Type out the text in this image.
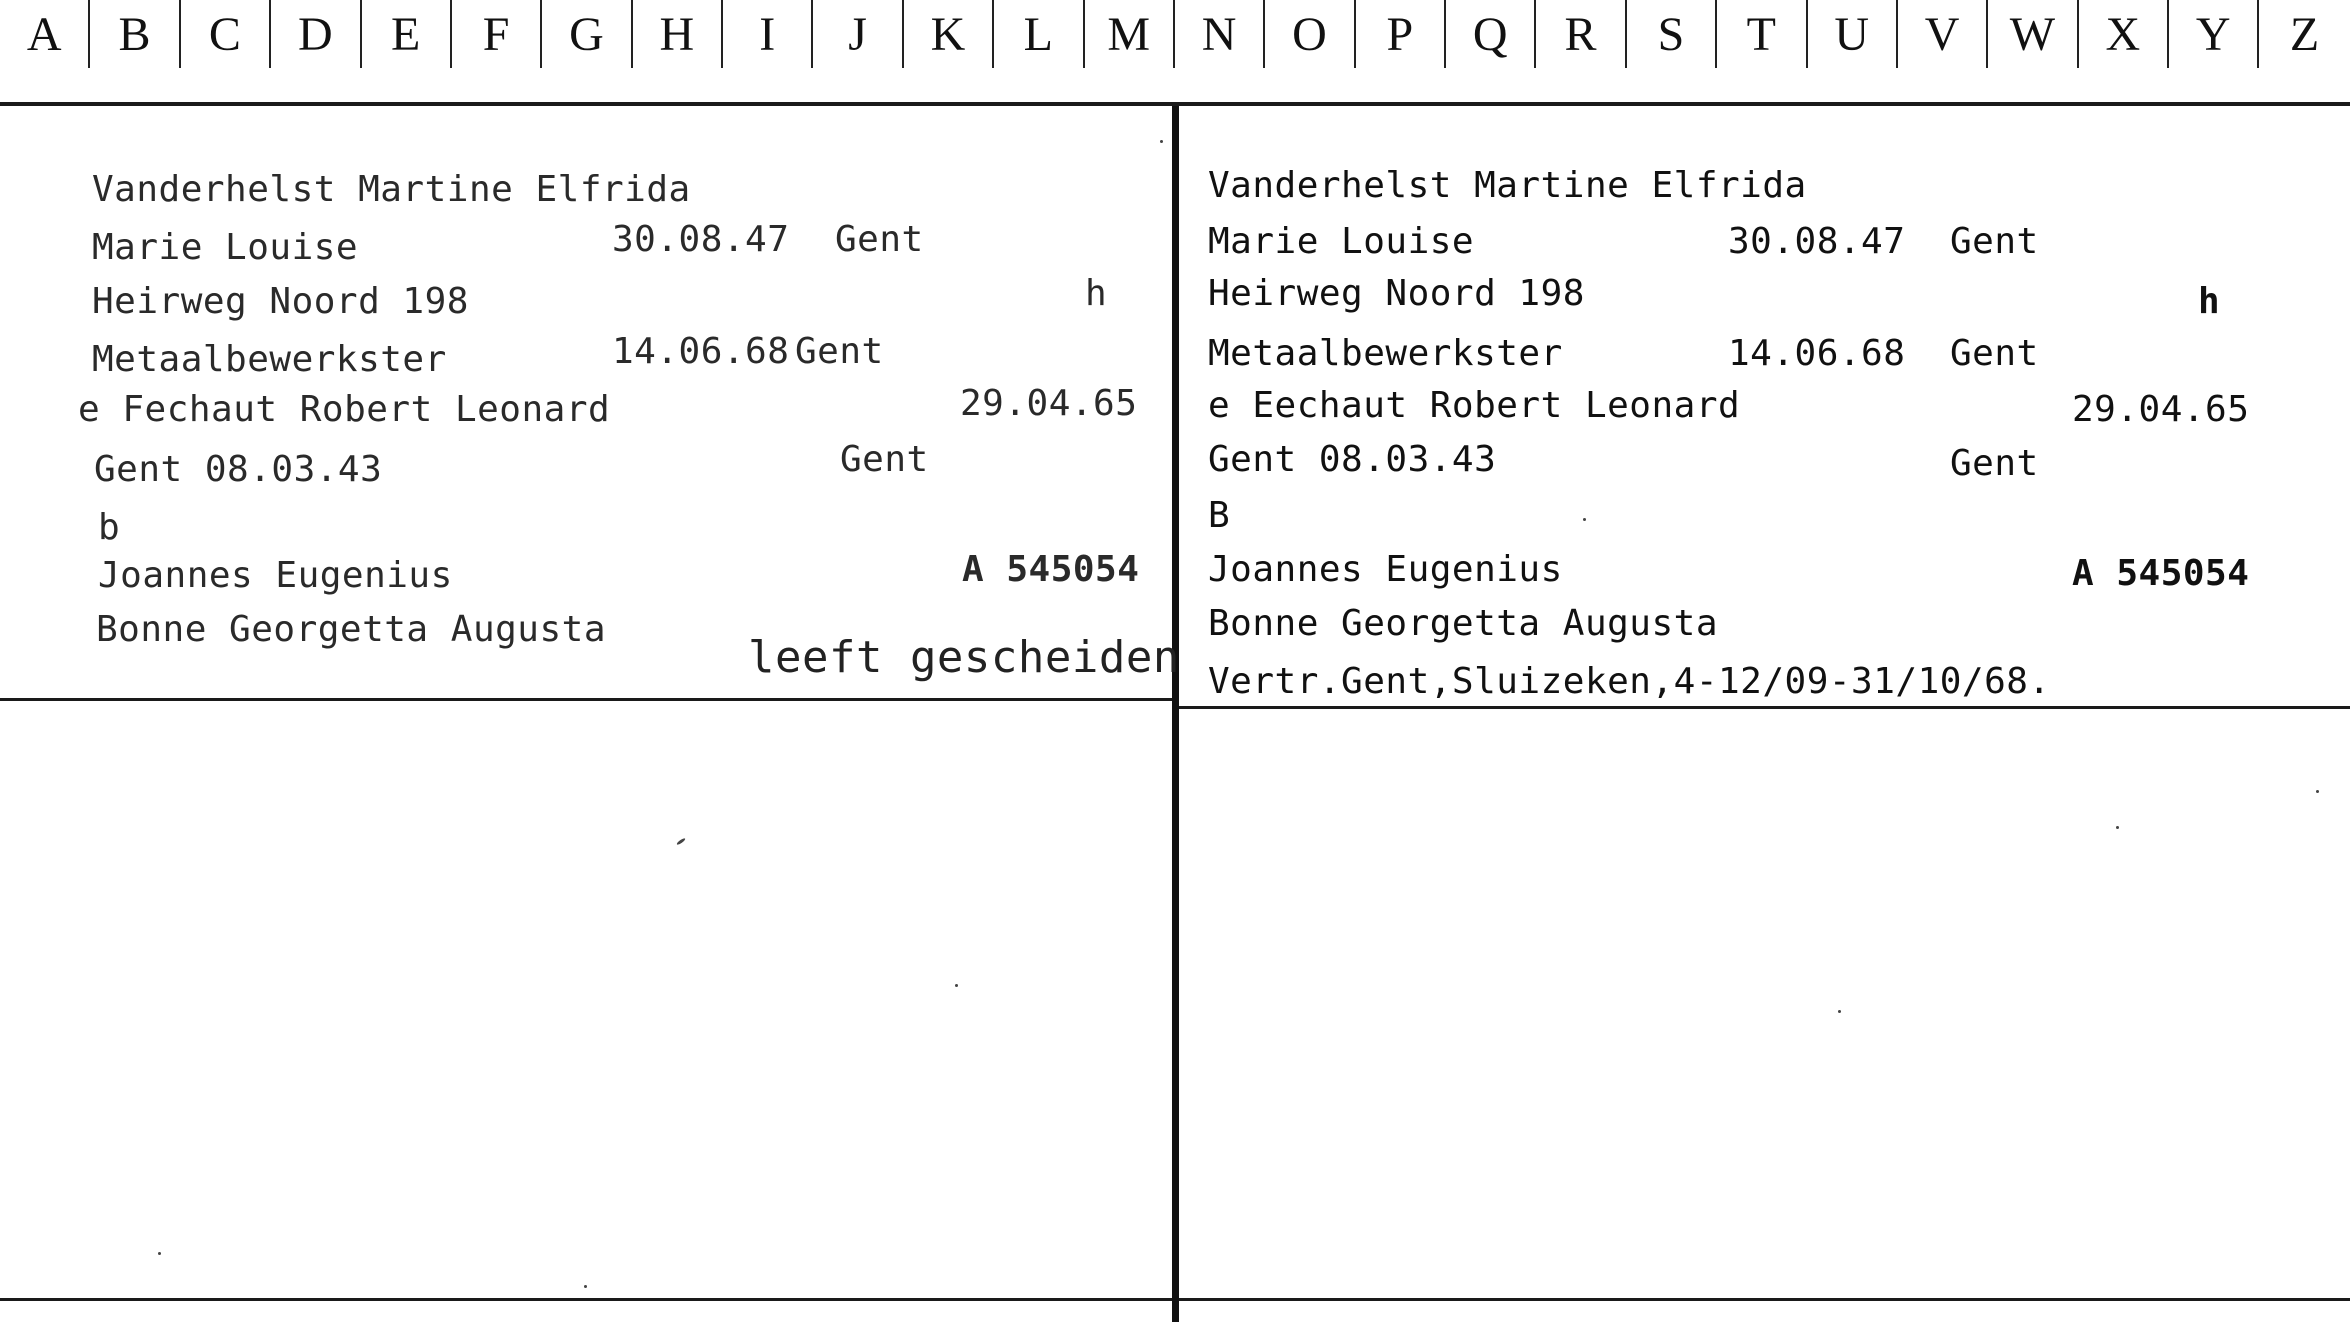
A	B	C	D	E	F	G	H	I	J	K	L	M	N	O	P	Q	R	S	T	U	V	W	X	Y	Z
Vanderhelst Martine Elfrida
Marie Louise	30.08.47 Gent
Heirweg Noord 198	h
Metaalbewerkster	14.06.68 Gent
e Fechaut Robert Leonard	29.04.65
Gent 08.03.43	Gent
b
Joannes Eugenius	A 545054
Bonne Georgetta Augusta
leeft gescheiden
Vanderhelst Martine Elfrida
Marie Louise	30.08.47 Gent
Heirweg Noord 198	h
Metaalbewerkster	14.06.68 Gent
e Eechaut Robert Leonard	29.04.65
Gent 08.03.43	Gent
B
Joannes Eugenius	A 545054
Bonne Georgetta Augusta
Vertr.Gent,Sluizeken,4-12/09-31/10/68.
